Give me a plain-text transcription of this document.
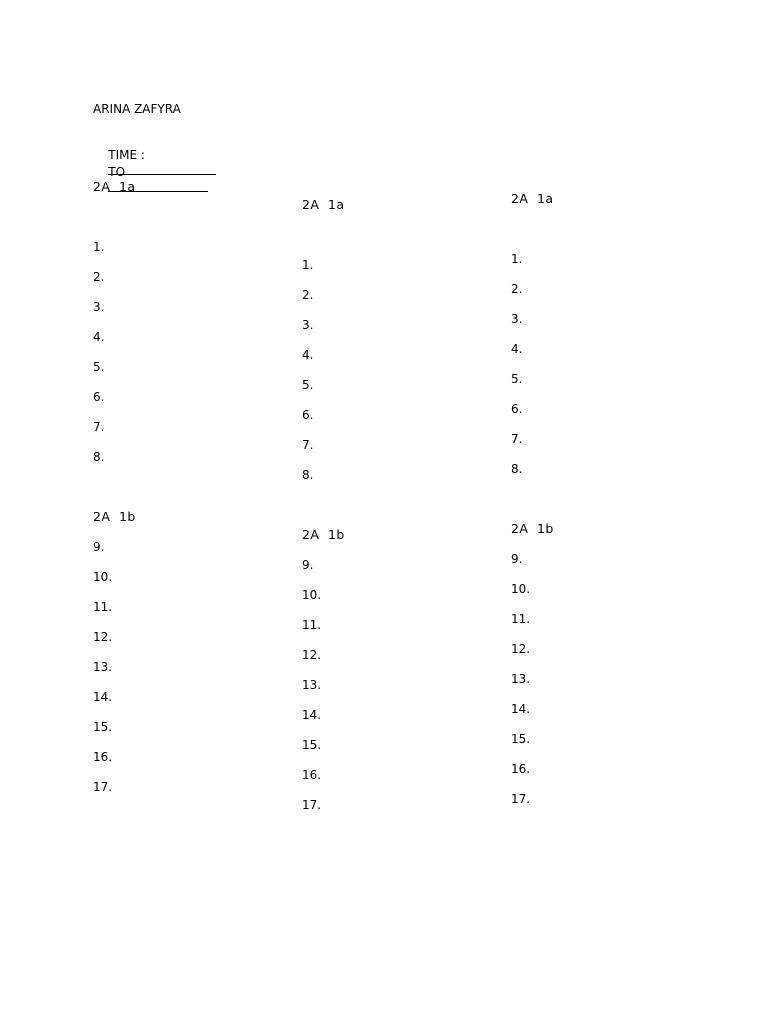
ARINA ZAFYRA

TIME :

TO

2A  1a
1.
2.
3.
4.
5.
6.
7.
8.
2A  1b
9.
10.
11.
12.
13.
14.
15.
16.
17.
2A  1a
1.
2.
3.
4.
5.
6.
7.
8.
2A  1b
9.
10.
11.
12.
13.
14.
15.
16.
17.
2A  1a
1.
2.
3.
4.
5.
6.
7.
8.
2A  1b
9.
10.
11.
12.
13.
14.
15.
16.
17.
